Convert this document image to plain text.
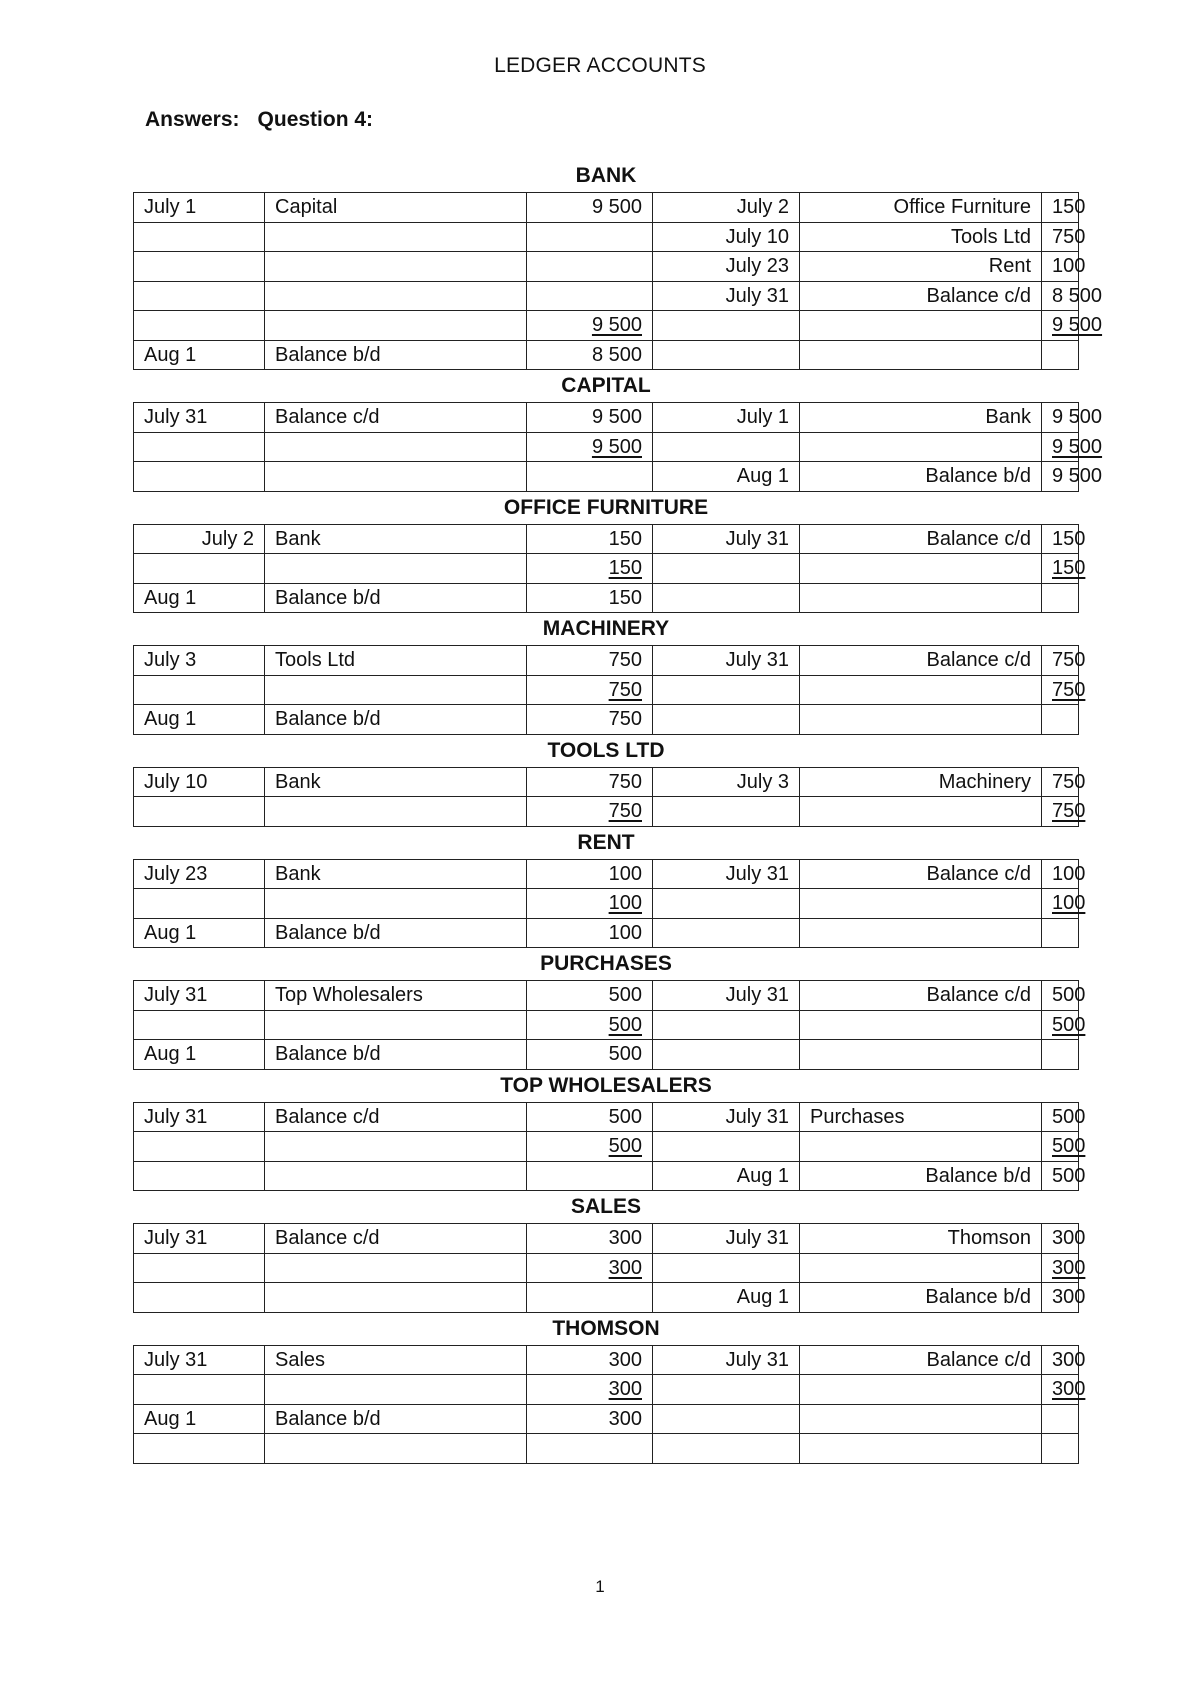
LEDGER ACCOUNTS
Answers: Question 4:
BANK
July 1	Capital	9 500	July 2	Office Furniture	150
			July 10	Tools Ltd	750
			July 23	Rent	100
			July 31	Balance c/d	8 500
		9 500			9 500
Aug 1	Balance b/d	8 500			
CAPITAL
July 31	Balance c/d	9 500	July 1	Bank	9 500
		9 500			9 500
			Aug 1	Balance b/d	9 500
OFFICE FURNITURE
July 2	Bank	150	July 31	Balance c/d	150
		150			150
Aug 1	Balance b/d	150			
MACHINERY
July 3	Tools Ltd	750	July 31	Balance c/d	750
		750			750
Aug 1	Balance b/d	750			
TOOLS LTD
July 10	Bank	750	July 3	Machinery	750
		750			750
RENT
July 23	Bank	100	July 31	Balance c/d	100
		100			100
Aug 1	Balance b/d	100			
PURCHASES
July 31	Top Wholesalers	500	July 31	Balance c/d	500
		500			500
Aug 1	Balance b/d	500			
TOP WHOLESALERS
July 31	Balance c/d	500	July 31	Purchases	500
		500			500
			Aug 1	Balance b/d	500
SALES
July 31	Balance c/d	300	July 31	Thomson	300
		300			300
			Aug 1	Balance b/d	300
THOMSON
July 31	Sales	300	July 31	Balance c/d	300
		300			300
Aug 1	Balance b/d	300			

1
